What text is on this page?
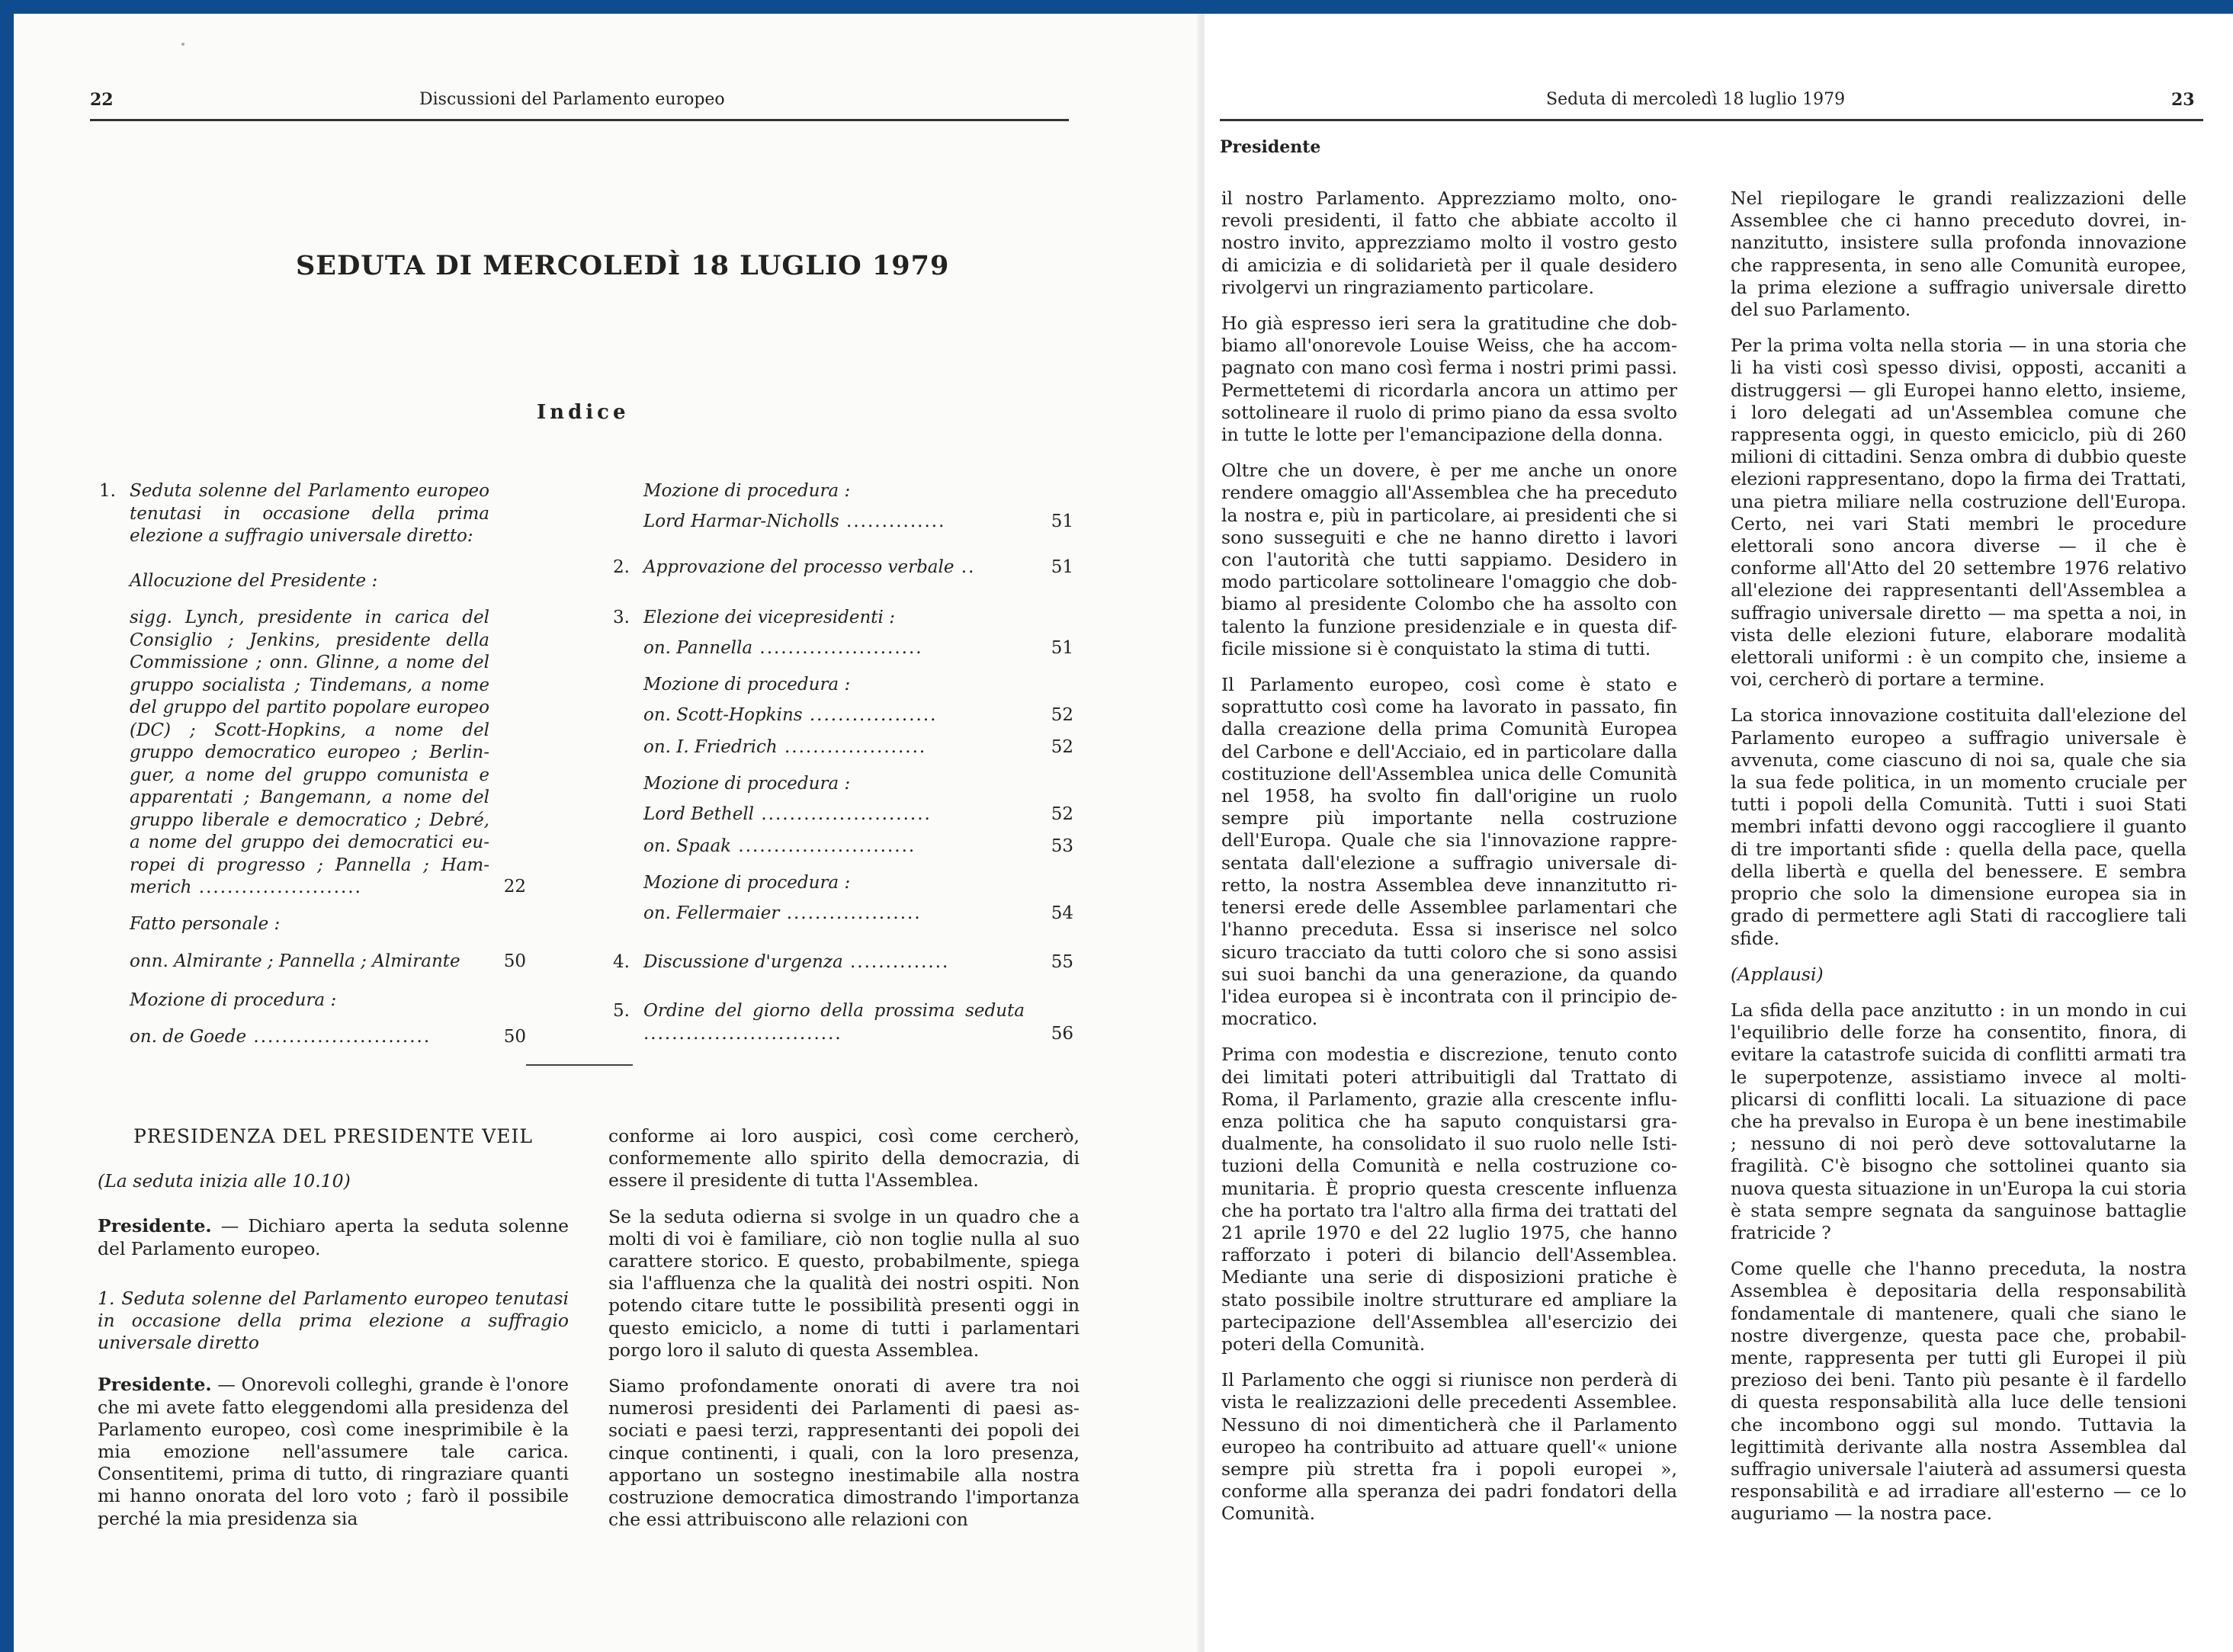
22	Discussioni del Parlamento europeo
SEDUTA DI MERCOLEDÌ 18 LUGLIO 1979
Indice
1. Seduta solenne del Parlamento europeo tenutasi in occasione della prima elezione a suffragio universale diretto:
Allocuzione del Presidente :
sigg. Lynch, presidente in carica del Consiglio ; Jenkins, presidente della Commissione ; onn. Glinne, a nome del gruppo socialista ; Tindemans, a nome del gruppo del partito popolare europeo (DC) ; Scott-Hopkins, a nome del gruppo democratico europeo ; Berlinguer, a nome del gruppo comunista e apparentati ; Bangemann, a nome del gruppo liberale e democratico ; Debré, a nome del gruppo dei democratici europei di progresso ; Pannella ; Hammerich .......................	22
Fatto personale :
onn. Almirante ; Pannella ; Almirante	50
Mozione di procedura :
on. de Goede .........................	50
Mozione di procedura :
Lord Harmar-Nicholls ..............	51
2. Approvazione del processo verbale ..	51
3. Elezione dei vicepresidenti :
on. Pannella .......................	51
Mozione di procedura :
on. Scott-Hopkins ..................	52
on. I. Friedrich ....................	52
Mozione di procedura :
Lord Bethell ........................	52
on. Spaak .........................	53
Mozione di procedura :
on. Fellermaier ...................	54
4. Discussione d'urgenza ..............	55
5. Ordine del giorno della prossima seduta ............................	56

PRESIDENZA DEL PRESIDENTE VEIL

(La seduta inizia alle 10.10)

Presidente. — Dichiaro aperta la seduta solenne del Parlamento europeo.

1. Seduta solenne del Parlamento europeo tenutasi in occasione della prima elezione a suffragio universale diretto

Presidente. — Onorevoli colleghi, grande è l'onore che mi avete fatto eleggendomi alla presidenza del Parlamento europeo, così come inesprimibile è la mia emozione nell'assumere tale carica. Consentitemi, prima di tutto, di ringraziare quanti mi hanno onorata del loro voto ; farò il possibile perché la mia presidenza sia

conforme ai loro auspici, così come cercherò, conformemente allo spirito della democrazia, di essere il presidente di tutta l'Assemblea.

Se la seduta odierna si svolge in un quadro che a molti di voi è familiare, ciò non toglie nulla al suo carattere storico. E questo, probabilmente, spiega sia l'affluenza che la qualità dei nostri ospiti. Non potendo citare tutte le possibilità presenti oggi in questo emiciclo, a nome di tutti i parlamentari porgo loro il saluto di questa Assemblea.

Siamo profondamente onorati di avere tra noi numerosi presidenti dei Parlamenti di paesi associati e paesi terzi, rappresentanti dei popoli dei cinque continenti, i quali, con la loro presenza, apportano un sostegno inestimabile alla nostra costruzione democratica dimostrando l'importanza che essi attribuiscono alle relazioni con

Seduta di mercoledì 18 luglio 1979	23
Presidente

il nostro Parlamento. Apprezziamo molto, onorevoli presidenti, il fatto che abbiate accolto il nostro invito, apprezziamo molto il vostro gesto di amicizia e di solidarietà per il quale desidero rivolgervi un ringraziamento particolare.

Ho già espresso ieri sera la gratitudine che dobbiamo all'onorevole Louise Weiss, che ha accompagnato con mano così ferma i nostri primi passi. Permettetemi di ricordarla ancora un attimo per sottolineare il ruolo di primo piano da essa svolto in tutte le lotte per l'emancipazione della donna.

Oltre che un dovere, è per me anche un onore rendere omaggio all'Assemblea che ha preceduto la nostra e, più in particolare, ai presidenti che si sono susseguiti e che ne hanno diretto i lavori con l'autorità che tutti sappiamo. Desidero in modo particolare sottolineare l'omaggio che dobbiamo al presidente Colombo che ha assolto con talento la funzione presidenziale e in questa difficile missione si è conquistato la stima di tutti.

Il Parlamento europeo, così come è stato e soprattutto così come ha lavorato in passato, fin dalla creazione della prima Comunità Europea del Carbone e dell'Acciaio, ed in particolare dalla costituzione dell'Assemblea unica delle Comunità nel 1958, ha svolto fin dall'origine un ruolo sempre più importante nella costruzione dell'Europa. Quale che sia l'innovazione rappresentata dall'elezione a suffragio universale diretto, la nostra Assemblea deve innanzitutto ritenersi erede delle Assemblee parlamentari che l'hanno preceduta. Essa si inserisce nel solco sicuro tracciato da tutti coloro che si sono assisi sui suoi banchi da una generazione, da quando l'idea europea si è incontrata con il principio democratico.

Prima con modestia e discrezione, tenuto conto dei limitati poteri attribuitigli dal Trattato di Roma, il Parlamento, grazie alla crescente influenza politica che ha saputo conquistarsi gradualmente, ha consolidato il suo ruolo nelle Istituzioni della Comunità e nella costruzione comunitaria. È proprio questa crescente influenza che ha portato tra l'altro alla firma dei trattati del 21 aprile 1970 e del 22 luglio 1975, che hanno rafforzato i poteri di bilancio dell'Assemblea. Mediante una serie di disposizioni pratiche è stato possibile inoltre strutturare ed ampliare la partecipazione dell'Assemblea all'esercizio dei poteri della Comunità.

Il Parlamento che oggi si riunisce non perderà di vista le realizzazioni delle precedenti Assemblee. Nessuno di noi dimenticherà che il Parlamento europeo ha contribuito ad attuare quell'« unione sempre più stretta fra i popoli europei », conforme alla speranza dei padri fondatori della Comunità.

Nel riepilogare le grandi realizzazioni delle Assemblee che ci hanno preceduto dovrei, innanzitutto, insistere sulla profonda innovazione che rappresenta, in seno alle Comunità europee, la prima elezione a suffragio universale diretto del suo Parlamento.

Per la prima volta nella storia — in una storia che li ha visti così spesso divisi, opposti, accaniti a distruggersi — gli Europei hanno eletto, insieme, i loro delegati ad un'Assemblea comune che rappresenta oggi, in questo emiciclo, più di 260 milioni di cittadini. Senza ombra di dubbio queste elezioni rappresentano, dopo la firma dei Trattati, una pietra miliare nella costruzione dell'Europa. Certo, nei vari Stati membri le procedure elettorali sono ancora diverse — il che è conforme all'Atto del 20 settembre 1976 relativo all'elezione dei rappresentanti dell'Assemblea a suffragio universale diretto — ma spetta a noi, in vista delle elezioni future, elaborare modalità elettorali uniformi : è un compito che, insieme a voi, cercherò di portare a termine.

La storica innovazione costituita dall'elezione del Parlamento europeo a suffragio universale è avvenuta, come ciascuno di noi sa, quale che sia la sua fede politica, in un momento cruciale per tutti i popoli della Comunità. Tutti i suoi Stati membri infatti devono oggi raccogliere il guanto di tre importanti sfide : quella della pace, quella della libertà e quella del benessere. E sembra proprio che solo la dimensione europea sia in grado di permettere agli Stati di raccogliere tali sfide.

(Applausi)

La sfida della pace anzitutto : in un mondo in cui l'equilibrio delle forze ha consentito, finora, di evitare la catastrofe suicida di conflitti armati tra le superpotenze, assistiamo invece al moltiplicarsi di conflitti locali. La situazione di pace che ha prevalso in Europa è un bene inestimabile ; nessuno di noi però deve sottovalutarne la fragilità. C'è bisogno che sottolinei quanto sia nuova questa situazione in un'Europa la cui storia è stata sempre segnata da sanguinose battaglie fratricide ?

Come quelle che l'hanno preceduta, la nostra Assemblea è depositaria della responsabilità fondamentale di mantenere, quali che siano le nostre divergenze, questa pace che, probabilmente, rappresenta per tutti gli Europei il più prezioso dei beni. Tanto più pesante è il fardello di questa responsabilità alla luce delle tensioni che incombono oggi sul mondo. Tuttavia la legittimità derivante alla nostra Assemblea dal suffragio universale l'aiuterà ad assumersi questa responsabilità e ad irradiare all'esterno — ce lo auguriamo — la nostra pace.
